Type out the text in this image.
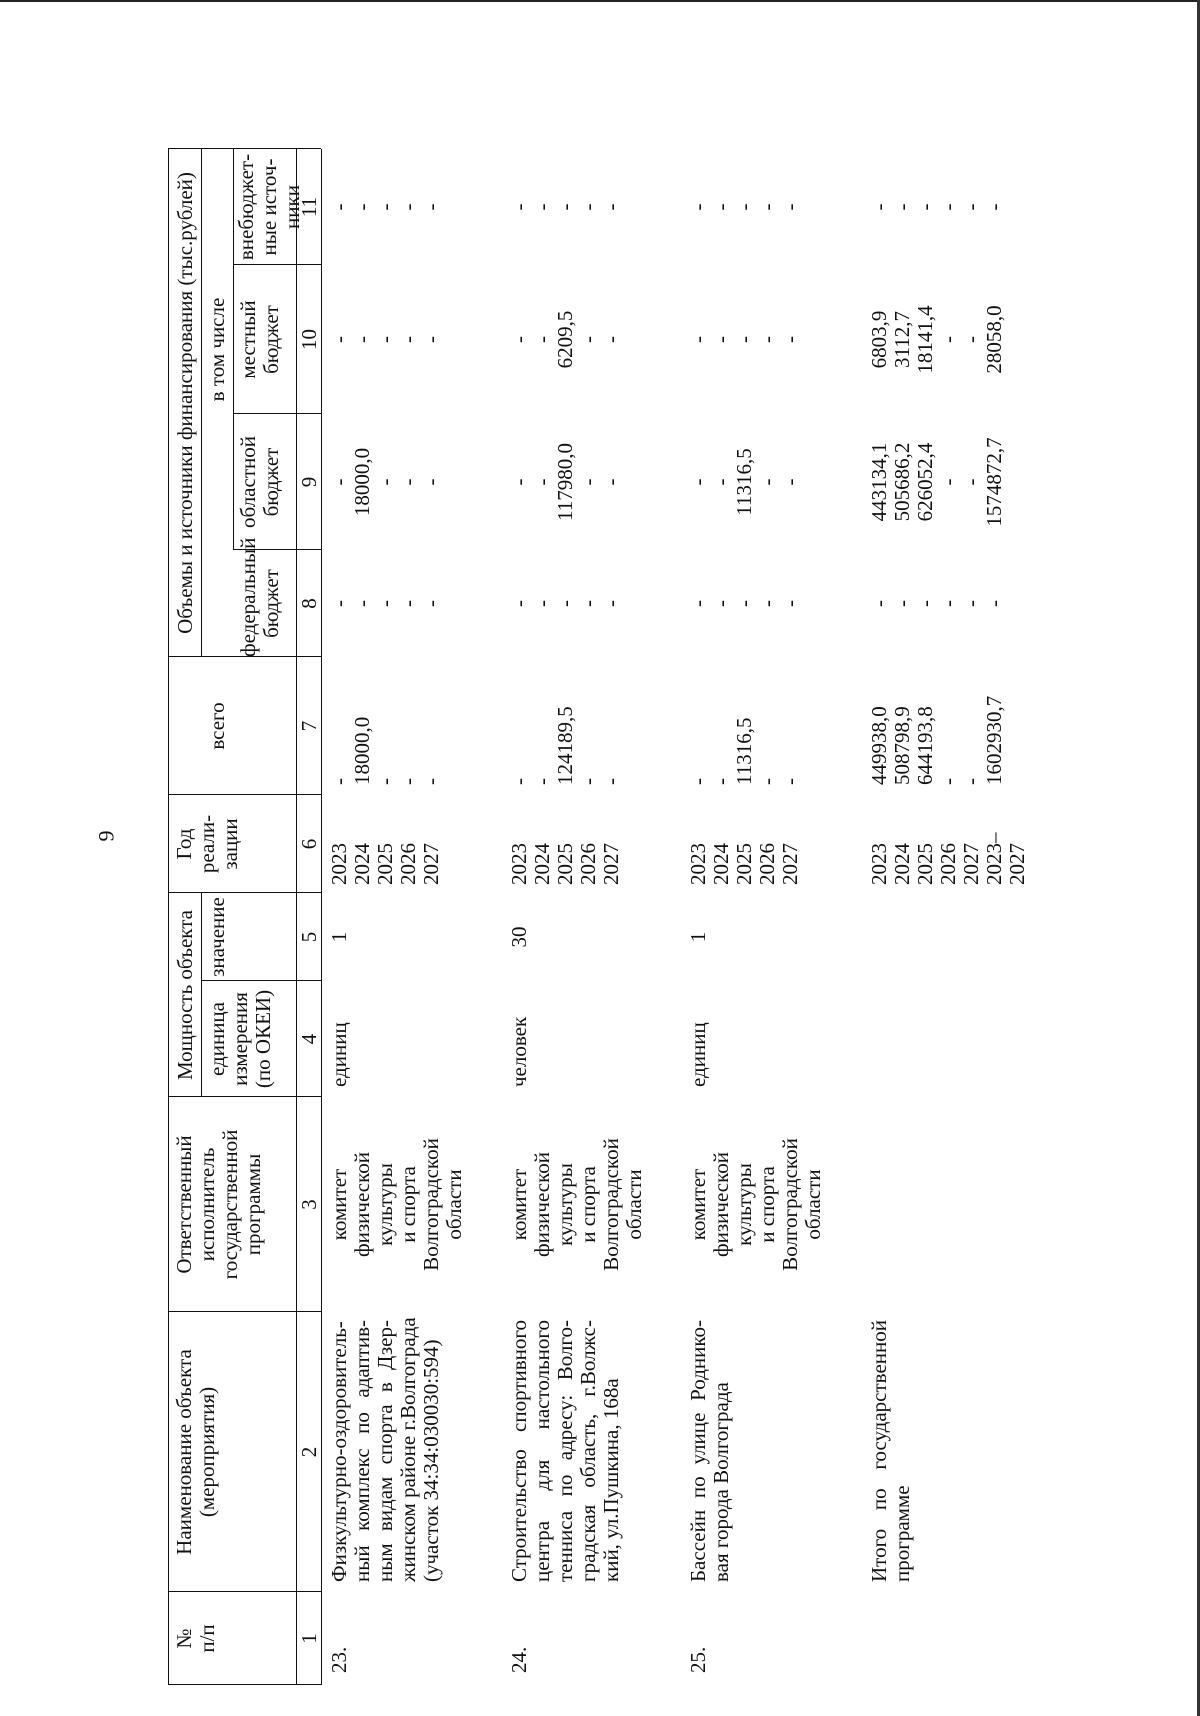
9
№ п/п
Наименование объекта (мероприятия)
Ответственный исполнитель государственной программы
Мощность объекта единица измерения (по ОКЕИ)
значение
Год реали- зации
Объемы и источники финансирования (тыс.рублей)
всего
в том числе
федеральный бюджет
областной бюджет
местный бюджет
внебюджет- ные источ- ники
1
2
3
4
5
6
7
8
9
10
11
23.
Физкультурно-оздоровитель- ный комплекс по адаптив- ным видам спорта в Дзер- жинском районе г.Волгограда (участок 34:34:030030:594)
комитет физической культуры и спорта Волгоградской области
единиц
1
2023 2024 2025 2026 2027
- 18000,0 - - -
- - - - -
- 18000,0 - - -
- - - - -
- - - - -
24.
Строительство спортивного центра для настольного тенниса по адресу: Волго- градская область, г.Волжс- кий, ул.Пушкина, 168а
комитет физической культуры и спорта Волгоградской области
человек
30
2023 2024 2025 2026 2027
- - 124189,5 - -
- - - - -
- - 117980,0 - -
- - 6209,5 - -
- - - - -
25.
Бассейн по улице Роднико- вая города Волгограда
комитет физической культуры и спорта Волгоградской области
единиц
1
2023 2024 2025 2026 2027
- - 11316,5 - -
- - - - -
- - 11316,5 - -
- - - - -
- - - - -
Итого по государственной программе
2023 2024 2025 2026 2027 2023– 2027
449938,0 508798,9 644193,8 - - 1602930,7
- - - - - -
443134,1 505686,2 626052,4 - - 1574872,7
6803,9 3112,7 18141,4 - - 28058,0
- - - - - -
